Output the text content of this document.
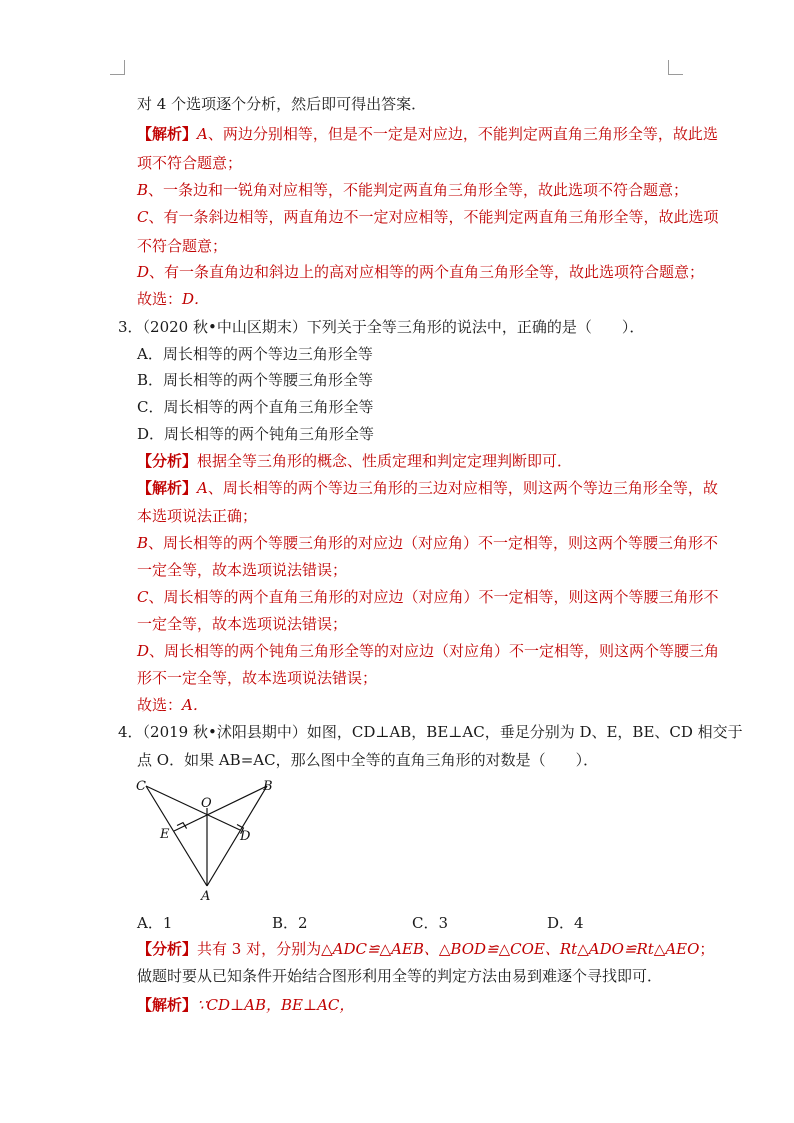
对 4 个选项逐个分析，然后即可得出答案．
【解析】A、两边分别相等，但是不一定是对应边，不能判定两直角三角形全等，故此选
项不符合题意；
B、一条边和一锐角对应相等，不能判定两直角三角形全等，故此选项不符合题意；
C、有一条斜边相等，两直角边不一定对应相等，不能判定两直角三角形全等，故此选项
不符合题意；
D、有一条直角边和斜边上的高对应相等的两个直角三角形全等，故此选项符合题意；
故选：D．
3．（2020 秋•中山区期末）下列关于全等三角形的说法中，正确的是（　　）．
A．周长相等的两个等边三角形全等
B．周长相等的两个等腰三角形全等
C．周长相等的两个直角三角形全等
D．周长相等的两个钝角三角形全等
【分析】根据全等三角形的概念、性质定理和判定定理判断即可．
【解析】A、周长相等的两个等边三角形的三边对应相等，则这两个等边三角形全等，故
本选项说法正确；
B、周长相等的两个等腰三角形的对应边（对应角）不一定相等，则这两个等腰三角形不
一定全等，故本选项说法错误；
C、周长相等的两个直角三角形的对应边（对应角）不一定相等，则这两个等腰三角形不
一定全等，故本选项说法错误；
D、周长相等的两个钝角三角形全等的对应边（对应角）不一定相等，则这两个等腰三角
形不一定全等，故本选项说法错误；
故选：A．
4．（2019 秋•沭阳县期中）如图，CD⊥AB，BE⊥AC，垂足分别为 D、E，BE、CD 相交于
点 O．如果 AB=AC，那么图中全等的直角三角形的对数是（　　）．
C	B
O
E	D
A
A．1	B．2	C．3	D．4
【分析】共有 3 对，分别为△ADC≌△AEB、△BOD≌△COE、Rt△ADO≌Rt△AEO；
做题时要从已知条件开始结合图形利用全等的判定方法由易到难逐个寻找即可．
【解析】∵CD⊥AB，BE⊥AC，
